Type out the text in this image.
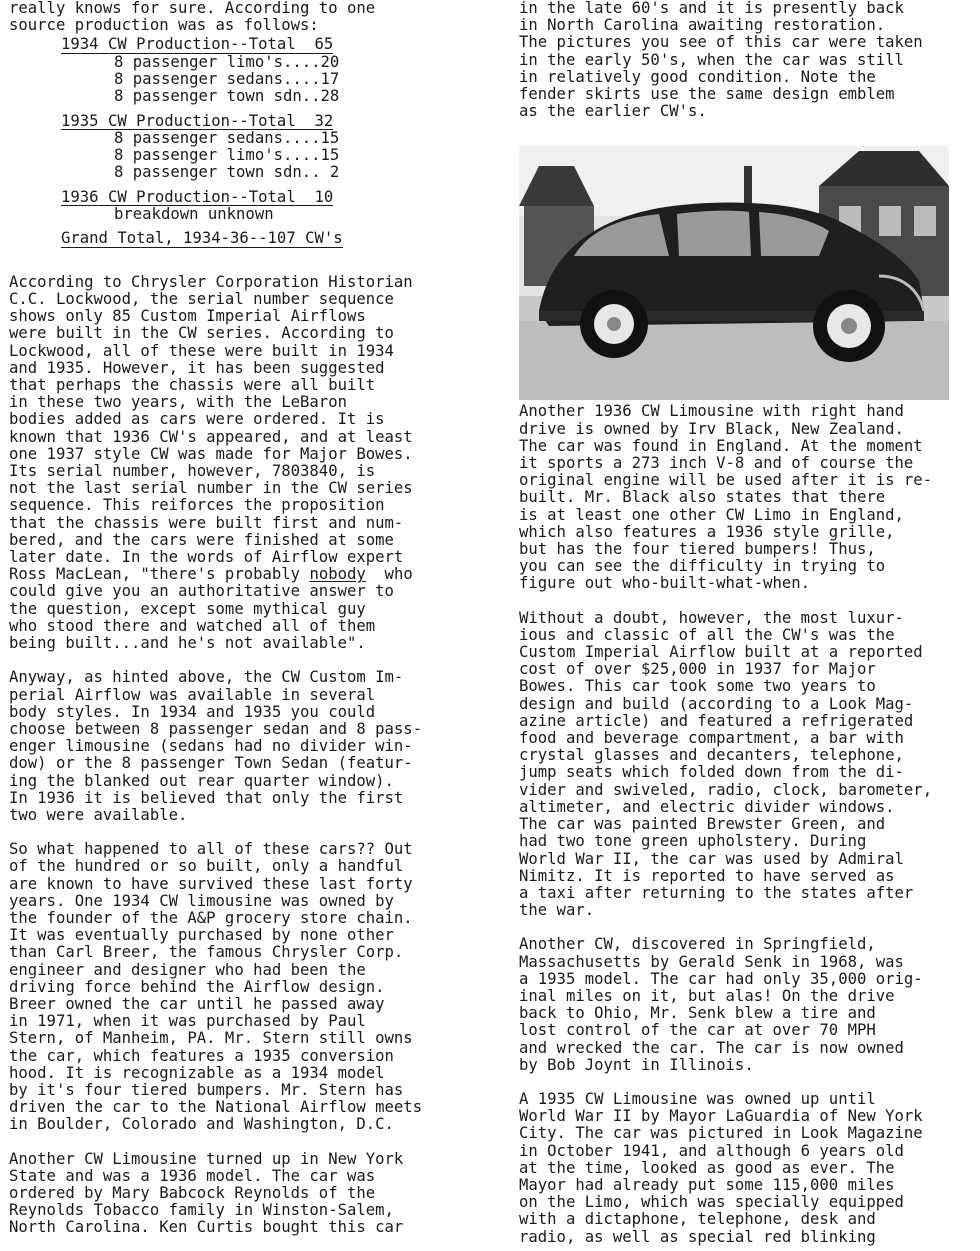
really knows for sure. According to one
source production was as follows:
1934 CW Production--Total  65
8 passenger limo's....20
8 passenger sedans....17
8 passenger town sdn..28
1935 CW Production--Total  32
8 passenger sedans....15
8 passenger limo's....15
8 passenger town sdn.. 2
1936 CW Production--Total  10
breakdown unknown
Grand Total, 1934-36--107 CW's
According to Chrysler Corporation Historian
C.C. Lockwood, the serial number sequence
shows only 85 Custom Imperial Airflows
were built in the CW series. According to
Lockwood, all of these were built in 1934
and 1935. However, it has been suggested
that perhaps the chassis were all built
in these two years, with the LeBaron
bodies added as cars were ordered. It is
known that 1936 CW's appeared, and at least
one 1937 style CW was made for Major Bowes.
Its serial number, however, 7803840, is
not the last serial number in the CW series
sequence. This reiforces the proposition
that the chassis were built first and num-
bered, and the cars were finished at some
later date. In the words of Airflow expert
Ross MacLean, "there's probably nobody  who
could give you an authoritative answer to
the question, except some mythical guy
who stood there and watched all of them
being built...and he's not available".
Anyway, as hinted above, the CW Custom Im-
perial Airflow was available in several
body styles. In 1934 and 1935 you could
choose between 8 passenger sedan and 8 pass-
enger limousine (sedans had no divider win-
dow) or the 8 passenger Town Sedan (featur-
ing the blanked out rear quarter window).
In 1936 it is believed that only the first
two were available.
So what happened to all of these cars?? Out
of the hundred or so built, only a handful
are known to have survived these last forty
years. One 1934 CW limousine was owned by
the founder of the A&P grocery store chain.
It was eventually purchased by none other
than Carl Breer, the famous Chrysler Corp.
engineer and designer who had been the
driving force behind the Airflow design.
Breer owned the car until he passed away
in 1971, when it was purchased by Paul
Stern, of Manheim, PA. Mr. Stern still owns
the car, which features a 1935 conversion
hood. It is recognizable as a 1934 model
by it's four tiered bumpers. Mr. Stern has
driven the car to the National Airflow meets
in Boulder, Colorado and Washington, D.C.
Another CW Limousine turned up in New York
State and was a 1936 model. The car was
ordered by Mary Babcock Reynolds of the
Reynolds Tobacco family in Winston-Salem,
North Carolina. Ken Curtis bought this car
in the late 60's and it is presently back
in North Carolina awaiting restoration.
The pictures you see of this car were taken
in the early 50's, when the car was still
in relatively good condition. Note the
fender skirts use the same design emblem
as the earlier CW's.
Another 1936 CW Limousine with right hand
drive is owned by Irv Black, New Zealand.
The car was found in England. At the moment
it sports a 273 inch V-8 and of course the
original engine will be used after it is re-
built. Mr. Black also states that there
is at least one other CW Limo in England,
which also features a 1936 style grille,
but has the four tiered bumpers! Thus,
you can see the difficulty in trying to
figure out who-built-what-when.
Without a doubt, however, the most luxur-
ious and classic of all the CW's was the
Custom Imperial Airflow built at a reported
cost of over $25,000 in 1937 for Major
Bowes. This car took some two years to
design and build (according to a Look Mag-
azine article) and featured a refrigerated
food and beverage compartment, a bar with
crystal glasses and decanters, telephone,
jump seats which folded down from the di-
vider and swiveled, radio, clock, barometer,
altimeter, and electric divider windows.
The car was painted Brewster Green, and
had two tone green upholstery. During
World War II, the car was used by Admiral
Nimitz. It is reported to have served as
a taxi after returning to the states after
the war.
Another CW, discovered in Springfield,
Massachusetts by Gerald Senk in 1968, was
a 1935 model. The car had only 35,000 orig-
inal miles on it, but alas! On the drive
back to Ohio, Mr. Senk blew a tire and
lost control of the car at over 70 MPH
and wrecked the car. The car is now owned
by Bob Joynt in Illinois.
A 1935 CW Limousine was owned up until
World War II by Mayor LaGuardia of New York
City. The car was pictured in Look Magazine
in October 1941, and although 6 years old
at the time, looked as good as ever. The
Mayor had already put some 115,000 miles
on the Limo, which was specially equipped
with a dictaphone, telephone, desk and
radio, as well as special red blinking
